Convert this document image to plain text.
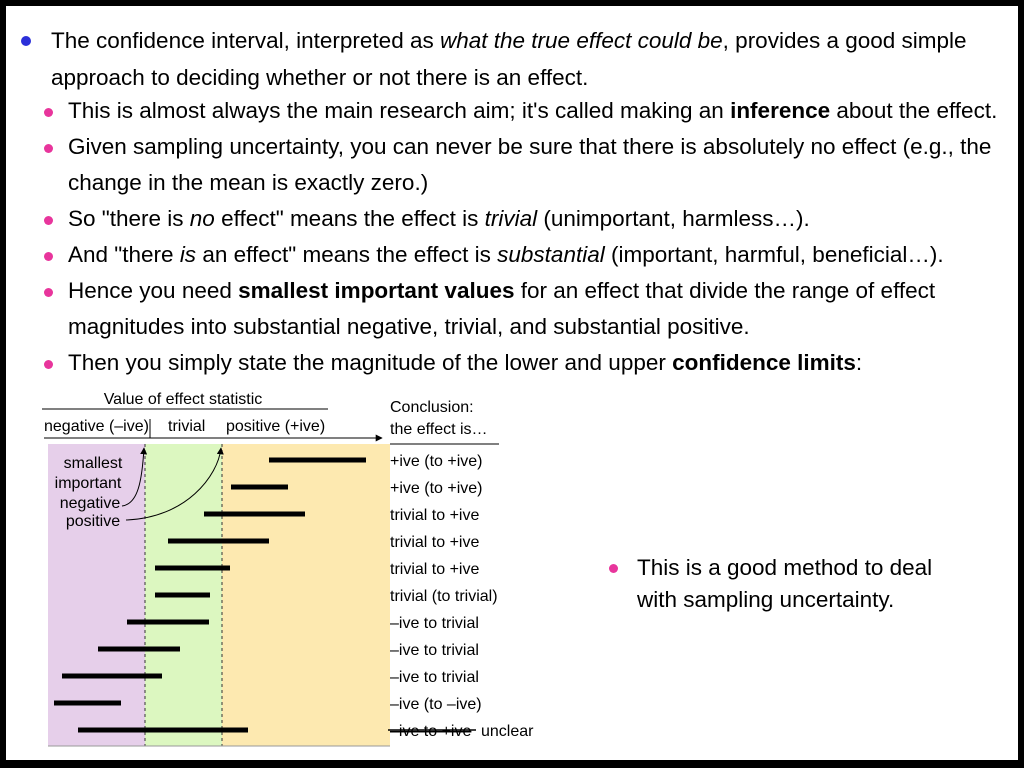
The confidence interval, interpreted as what the true effect could be, provides a good simple approach to deciding whether or not there is an effect.
This is almost always the main research aim; it's called making an inference about the effect.
Given sampling uncertainty, you can never be sure that there is absolutely no effect (e.g., the change in the mean is exactly zero.)
So "there is no effect" means the effect is trivial (unimportant, harmless…).
And "there is an effect" means the effect is substantial (important, harmful, beneficial…).
Hence you need smallest important values for an effect that divide the range of effect magnitudes into substantial negative, trivial, and substantial positive.
Then you simply state the magnitude of the lower and upper confidence limits:
This is a good method to deal with sampling uncertainty.
Value of effect statistic
negative (–ive) trivial positive (+ive)
Conclusion:
the effect is…
smallest
important
negative
positive
+ive (to +ive)
+ive (to +ive)
trivial to +ive
trivial to +ive
trivial to +ive
trivial (to trivial)
–ive to trivial
–ive to trivial
–ive to trivial
–ive (to –ive)
–ive to +ive unclear
